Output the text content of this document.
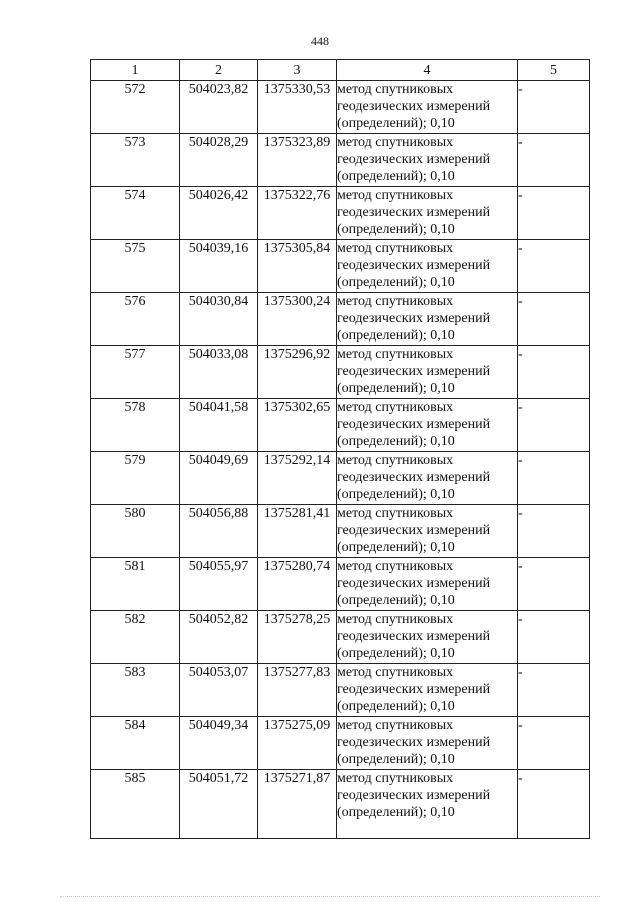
448
1	2	3	4	5
572	504023,82	1375330,53	метод спутниковых геодезических измерений (определений); 0,10	-
573	504028,29	1375323,89	метод спутниковых геодезических измерений (определений); 0,10	-
574	504026,42	1375322,76	метод спутниковых геодезических измерений (определений); 0,10	-
575	504039,16	1375305,84	метод спутниковых геодезических измерений (определений); 0,10	-
576	504030,84	1375300,24	метод спутниковых геодезических измерений (определений); 0,10	-
577	504033,08	1375296,92	метод спутниковых геодезических измерений (определений); 0,10	-
578	504041,58	1375302,65	метод спутниковых геодезических измерений (определений); 0,10	-
579	504049,69	1375292,14	метод спутниковых геодезических измерений (определений); 0,10	-
580	504056,88	1375281,41	метод спутниковых геодезических измерений (определений); 0,10	-
581	504055,97	1375280,74	метод спутниковых геодезических измерений (определений); 0,10	-
582	504052,82	1375278,25	метод спутниковых геодезических измерений (определений); 0,10	-
583	504053,07	1375277,83	метод спутниковых геодезических измерений (определений); 0,10	-
584	504049,34	1375275,09	метод спутниковых геодезических измерений (определений); 0,10	-
585	504051,72	1375271,87	метод спутниковых геодезических измерений (определений); 0,10	-
